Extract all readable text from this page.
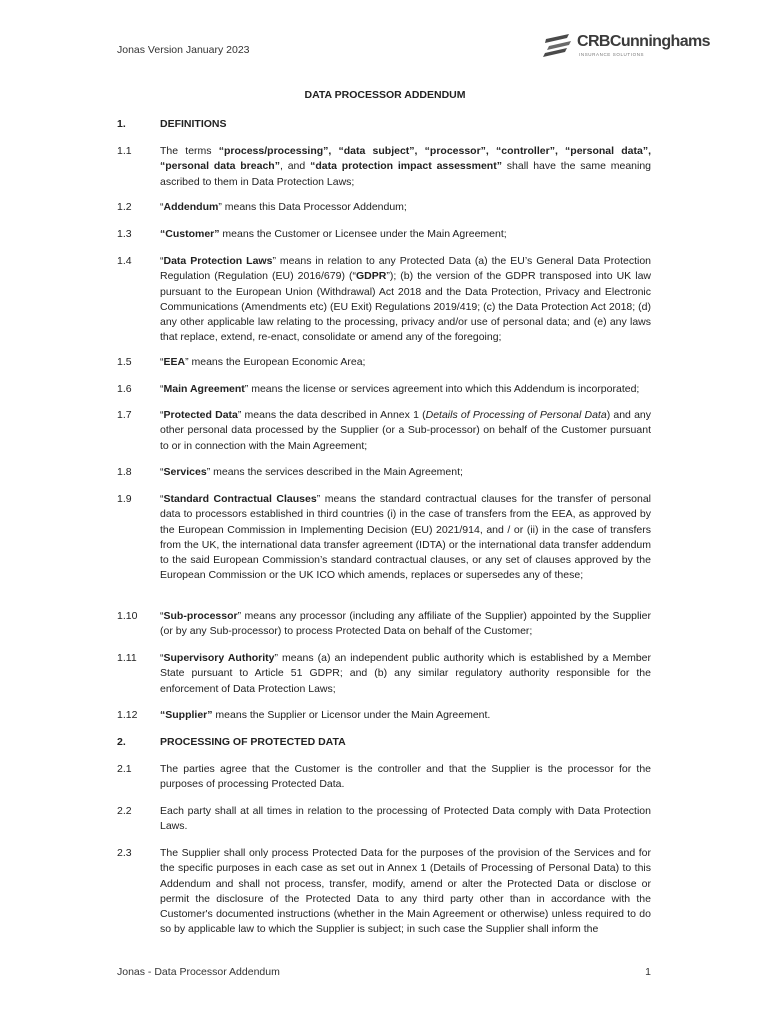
Jonas Version January 2023	CRBCunninghams
INSURANCE SOLUTIONS
DATA PROCESSOR ADDENDUM
1.	DEFINITIONS
1.1	The terms “process/processing”, “data subject”, “processor”, “controller”, “personal data”, “personal data breach”, and “data protection impact assessment” shall have the same meaning ascribed to them in Data Protection Laws;
1.2	“Addendum” means this Data Processor Addendum;
1.3	“Customer” means the Customer or Licensee under the Main Agreement;
1.4	“Data Protection Laws” means in relation to any Protected Data (a) the EU’s General Data Protection Regulation (Regulation (EU) 2016/679) (“GDPR”); (b) the version of the GDPR transposed into UK law pursuant to the European Union (Withdrawal) Act 2018 and the Data Protection, Privacy and Electronic Communications (Amendments etc) (EU Exit) Regulations 2019/419; (c) the Data Protection Act 2018; (d) any other applicable law relating to the processing, privacy and/or use of personal data; and (e) any laws that replace, extend, re-enact, consolidate or amend any of the foregoing;
1.5	“EEA” means the European Economic Area;
1.6	“Main Agreement” means the license or services agreement into which this Addendum is incorporated;
1.7	“Protected Data” means the data described in Annex 1 (Details of Processing of Personal Data) and any other personal data processed by the Supplier (or a Sub-processor) on behalf of the Customer pursuant to or in connection with the Main Agreement;
1.8	“Services” means the services described in the Main Agreement;
1.9	“Standard Contractual Clauses” means the standard contractual clauses for the transfer of personal data to processors established in third countries (i) in the case of transfers from the EEA, as approved by the European Commission in Implementing Decision (EU) 2021/914, and / or (ii) in the case of transfers from the UK, the international data transfer agreement (IDTA) or the international data transfer addendum to the said European Commission’s standard contractual clauses, or any set of clauses approved by the European Commission or the UK ICO which amends, replaces or supersedes any of these;
1.10	“Sub-processor” means any processor (including any affiliate of the Supplier) appointed by the Supplier (or by any Sub-processor) to process Protected Data on behalf of the Customer;
1.11	“Supervisory Authority” means (a) an independent public authority which is established by a Member State pursuant to Article 51 GDPR; and (b) any similar regulatory authority responsible for the enforcement of Data Protection Laws;
1.12	“Supplier” means the Supplier or Licensor under the Main Agreement.
2.	PROCESSING OF PROTECTED DATA
2.1	The parties agree that the Customer is the controller and that the Supplier is the processor for the purposes of processing Protected Data.
2.2	Each party shall at all times in relation to the processing of Protected Data comply with Data Protection Laws.
2.3	The Supplier shall only process Protected Data for the purposes of the provision of the Services and for the specific purposes in each case as set out in Annex 1 (Details of Processing of Personal Data) to this Addendum and shall not process, transfer, modify, amend or alter the Protected Data or disclose or permit the disclosure of the Protected Data to any third party other than in accordance with the Customer's documented instructions (whether in the Main Agreement or otherwise) unless required to do so by applicable law to which the Supplier is subject; in such case the Supplier shall inform the
Jonas - Data Processor Addendum	1
